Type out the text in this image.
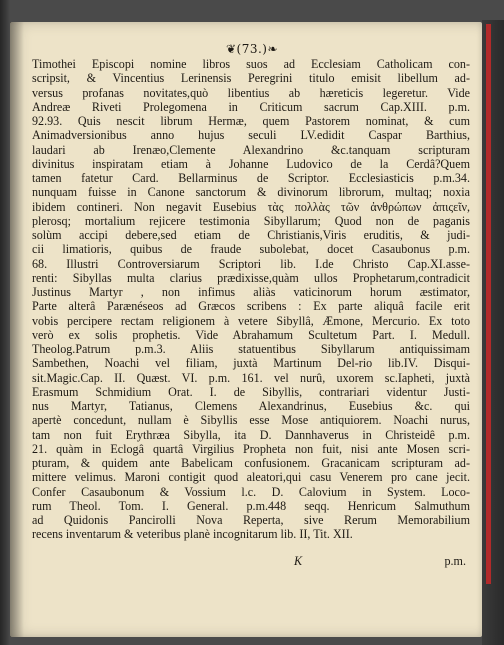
❦(73.)❧
Timothei Episcopi nomine libros suos ad Ecclesiam Catholicam con-
scripsit, & Vincentius Lerinensis Peregrini titulo emisit libellum ad-
versus profanas novitates,quò libentius ab hæreticis legeretur. Vide
Andreæ Riveti Prolegomena in Criticum sacrum Cap.XIII. p.m.
92.93. Quis nescit librum Hermæ, quem Pastorem nominat, & cum
Animadversionibus anno hujus seculi LV.edidit Caspar Barthius,
laudari ab Irenæo,Clemente Alexandrino &c.tanquam scripturam
divinitus inspiratam etiam à Johanne Ludovico de la Cerdâ?Quem
tamen fatetur Card. Bellarminus de Scriptor. Ecclesiasticis p.m.34.
nunquam fuisse in Canone sanctorum & divinorum librorum, multaq; noxia
ibidem contineri. Non negavit Eusebius τὰς πολλὰς τῶν ἀνθρώπων ἀπιςεῖν,
plerosq; mortalium rejicere testimonia Sibyllarum; Quod non de paganis
solùm accipi debere,sed etiam de Christianis,Viris eruditis, & judi-
cii limatioris, quibus de fraude subolebat, docet Casaubonus p.m.
68. Illustri Controversiarum Scriptori lib. I.de Christo Cap.XI.asse-
renti: Sibyllas multa clarius prædixisse,quàm ullos Prophetarum,contradicit
Justinus Martyr , non infimus aliàs vaticinorum horum æstimator,
Parte alterâ Parænéseos ad Græcos scribens : Ex parte aliquâ facile erit
vobis percipere rectam religionem à vetere Sibyllâ, Æmone, Mercurio. Ex toto
verò ex solis prophetis. Vide Abrahamum Scultetum Part. I. Medull.
Theolog.Patrum p.m.3. Aliis statuentibus Sibyllarum antiquissimam
Sambethen, Noachi vel filiam, juxtà Martinum Del-rio lib.IV. Disqui-
sit.Magic.Cap. II. Quæst. VI. p.m. 161. vel nurû, uxorem sc.Iapheti, juxtà
Erasmum Schmidium Orat. I. de Sibyllis, contrariari videntur Justi-
nus Martyr, Tatianus, Clemens Alexandrinus, Eusebius &c. qui
apertè concedunt, nullam è Sibyllis esse Mose antiquiorem. Noachi nurus,
tam non fuit Erythræa Sibylla, ita D. Dannhaverus in Christeidê p.m.
21. quàm in Eclogâ quartâ Virgilius Propheta non fuit, nisi ante Mosen scri-
pturam, & quidem ante Babelicam confusionem. Gracanicam scripturam ad-
mittere velimus. Maroni contigit quod aleatori,qui casu Venerem pro cane jecit.
Confer Casaubonum & Vossium l.c. D. Calovium in System. Loco-
rum Theol. Tom. I. General. p.m.448 seqq. Henricum Salmuthum
ad Quidonis Pancirolli Nova Reperta, sive Rerum Memorabilium
recens inventarum & veteribus planè incognitarum lib. II, Tit. XII.
K	p.m.
